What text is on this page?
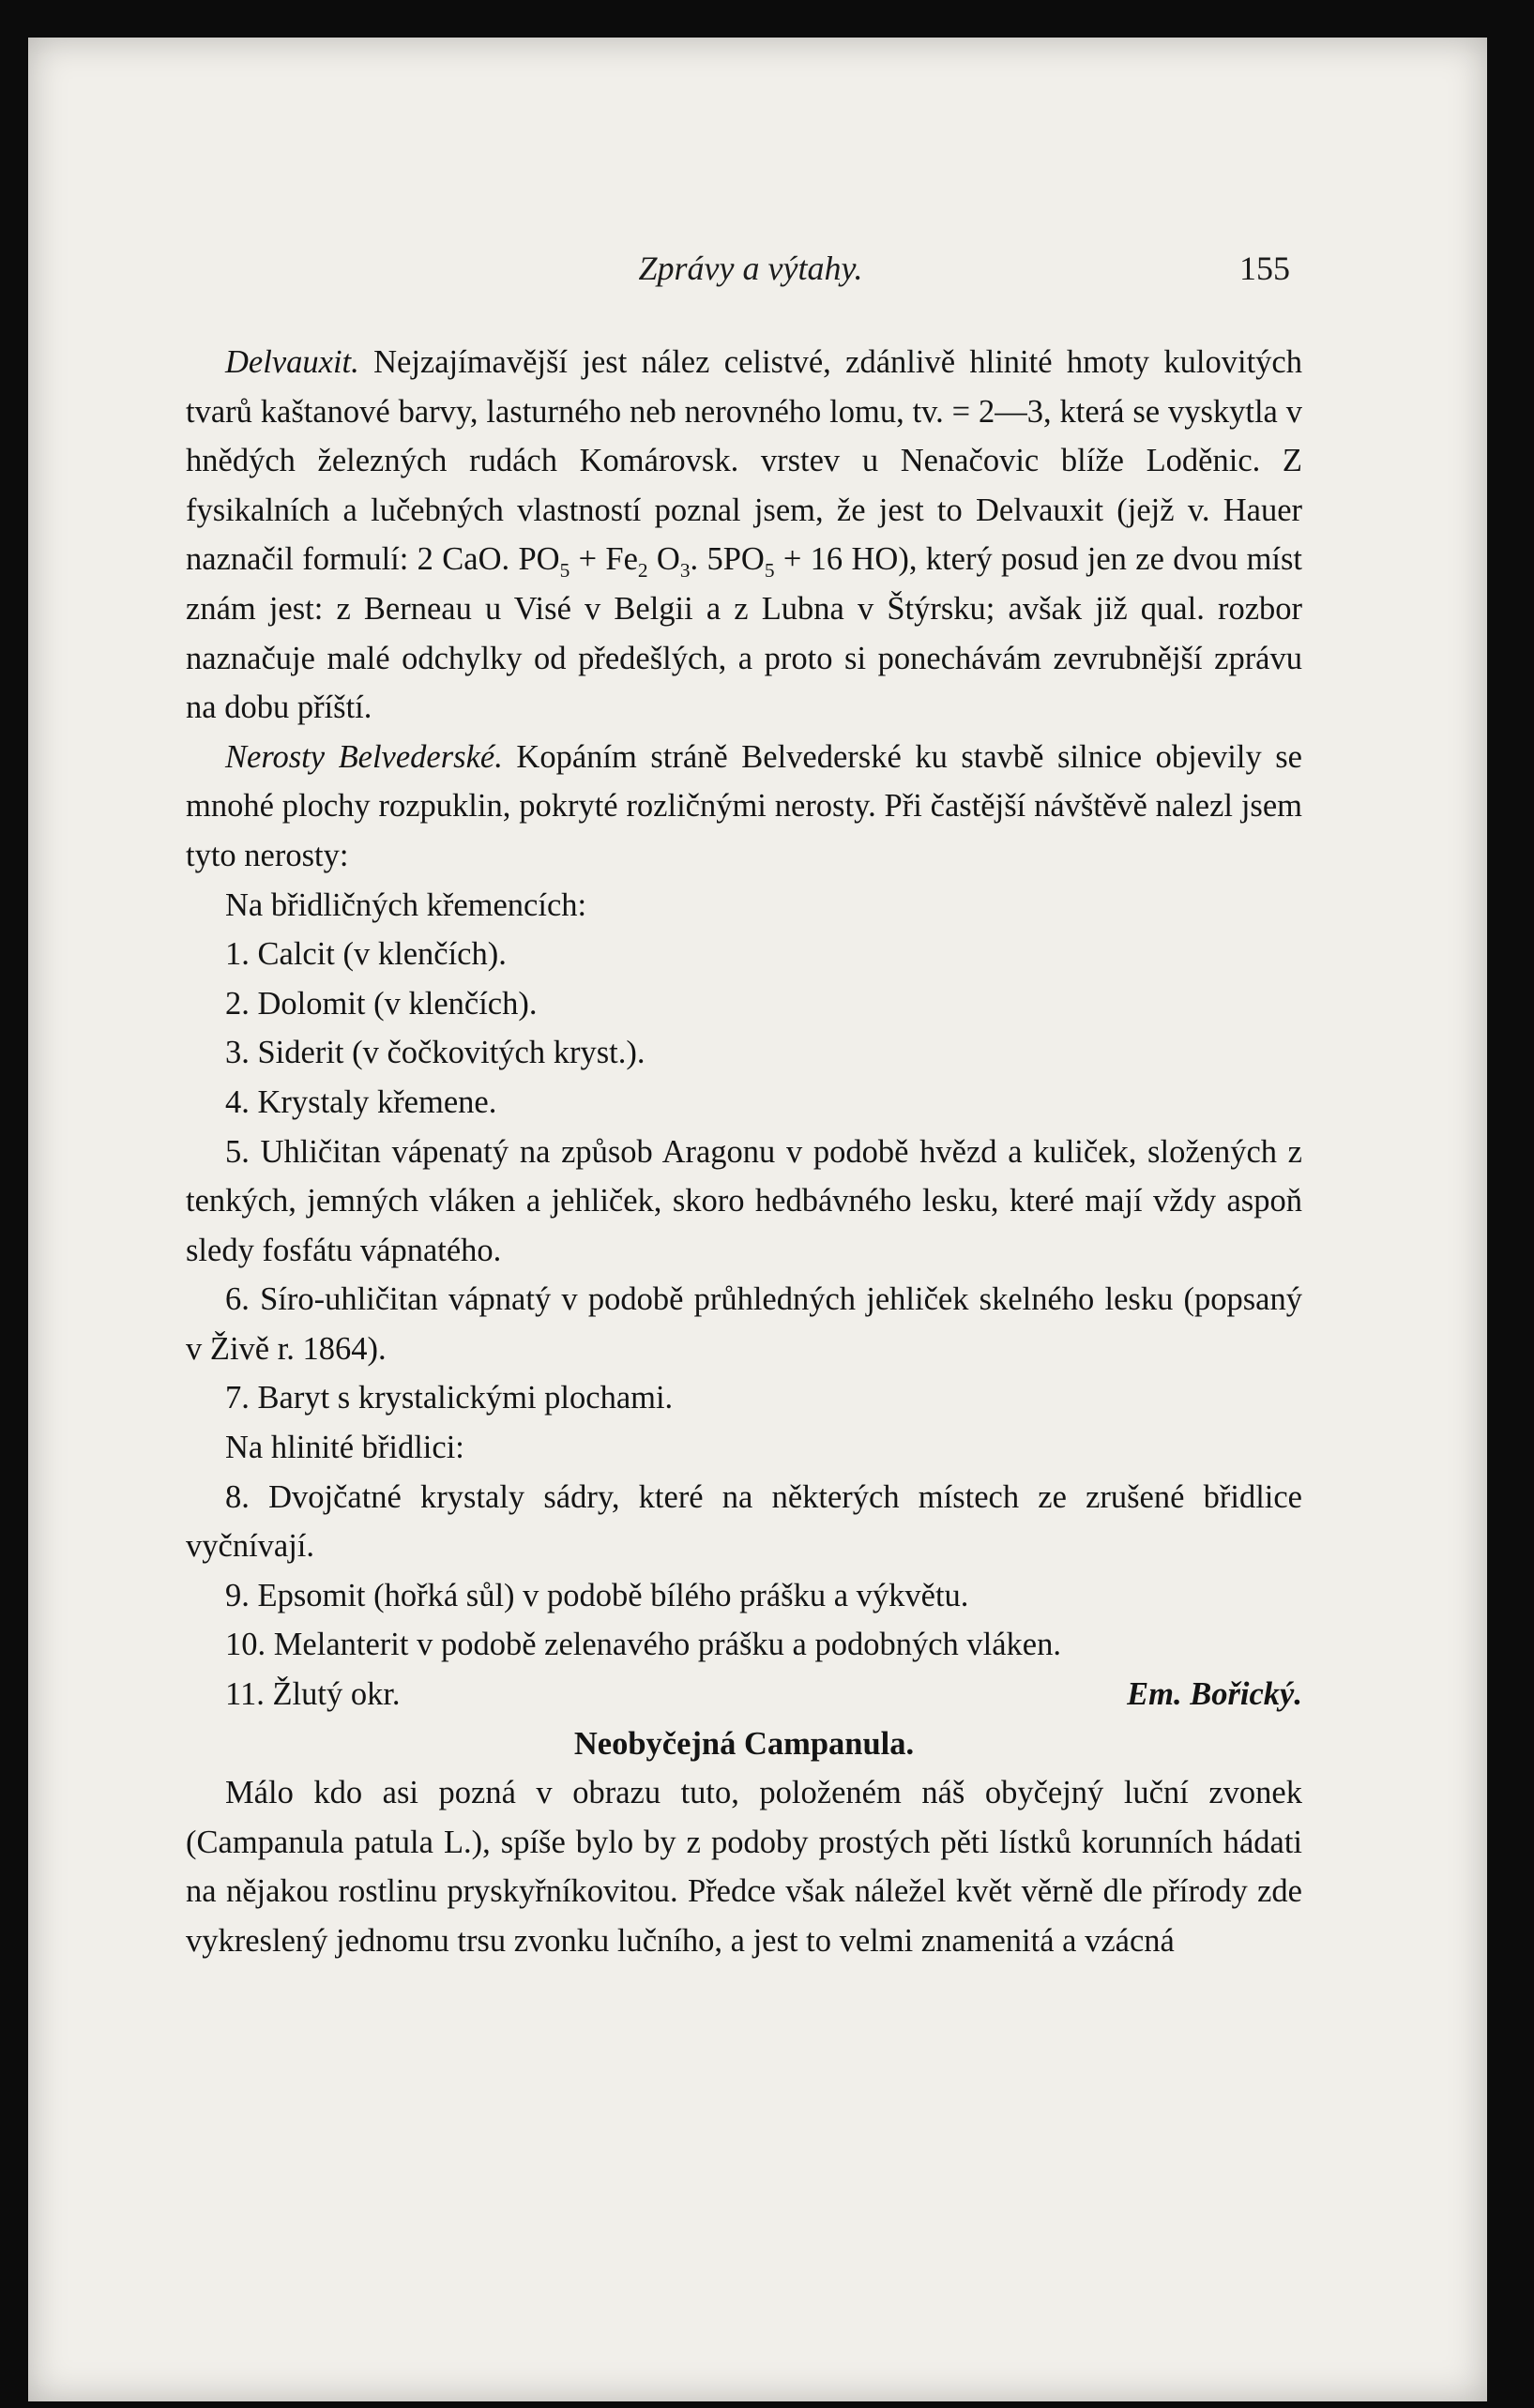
Zprávy a výtahy.	155

Delvauxit. Nejzajímavější jest nález celistvé, zdánlivě hlinité hmoty kulovitých tvarů kaštanové barvy, lasturného neb nerovného lomu, tv. = 2—3, která se vyskytla v hnědých železných rudách Komárovsk. vrstev u Nenačovic blíže Loděnic. Z fysikalních a lučebných vlastností poznal jsem, že jest to Delvauxit (jejž v. Hauer naznačil formulí: 2 CaO. $PO_5 + Fe_2$ $O_3$. $5PO_5 + 16$ HO), který posud jen ze dvou míst znám jest: z Berneau u Visé v Belgii a z Lubna v Štýrsku; avšak již qual. rozbor naznačuje malé odchylky od předešlých, a proto si ponechávám zevrubnější zprávu na dobu příští.

Nerosty Belvederské. Kopáním stráně Belvederské ku stavbě silnice objevily se mnohé plochy rozpuklin, pokryté rozličnými nerosty. Při častější návštěvě nalezl jsem tyto nerosty:

Na břidličných křemencích:

1. Calcit (v klenčích).

2. Dolomit (v klenčích).

3. Siderit (v čočkovitých kryst.).

4. Krystaly křemene.

5. Uhličitan vápenatý na způsob Aragonu v podobě hvězd a kuliček, složených z tenkých, jemných vláken a jehliček, skoro hedbávného lesku, které mají vždy aspoň sledy fosfátu vápnatého.

6. Síro-uhličitan vápnatý v podobě průhledných jehliček skelného lesku (popsaný v Živě r. 1864).

7. Baryt s krystalickými plochami.

Na hlinité břidlici:

8. Dvojčatné krystaly sádry, které na některých místech ze zrušené břidlice vyčnívají.

9. Epsomit (hořká sůl) v podobě bílého prášku a výkvětu.

10. Melanterit v podobě zelenavého prášku a podobných vláken.

11. Žlutý okr.	Em. Bořický.

Neobyčejná Campanula.

Málo kdo asi pozná v obrazu tuto, položeném náš obyčejný luční zvonek (Campanula patula L.), spíše bylo by z podoby prostých pěti lístků korunních hádati na nějakou rostlinu pryskyřníkovitou. Předce však náležel květ věrně dle přírody zde vykreslený jednomu trsu zvonku lučního, a jest to velmi znamenitá a vzácná
